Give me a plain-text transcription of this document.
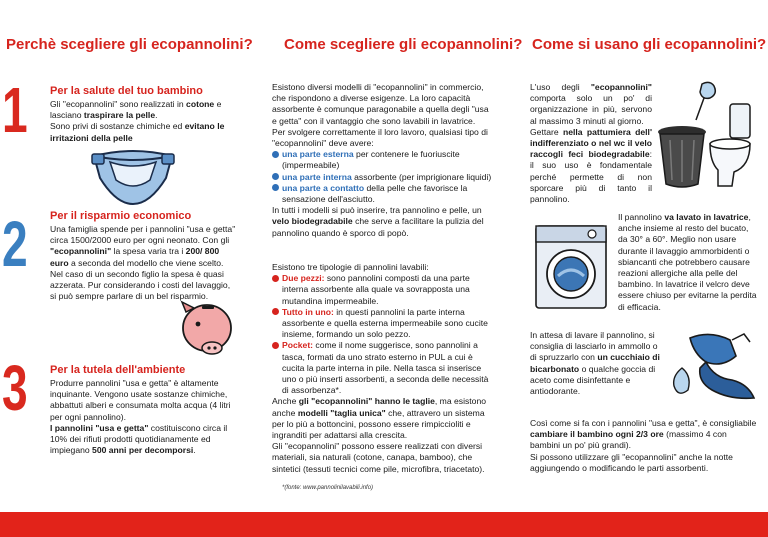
Perchè scegliere gli ecopannolini? Come scegliere gli ecopannolini? Come si usano gli ecopannolini?
1 Per la salute del tuo bambino
Gli "ecopannolini" sono realizzati in cotone e lasciano traspirare la pelle.
Sono privi di sostanze chimiche ed evitano le irritazioni della pelle
2 Per il risparmio economico
Una famiglia spende per i pannolini "usa e getta" circa 1500/2000 euro per ogni neonato. Con gli "ecopannolini" la spesa varia tra i 200/ 800 euro a seconda del modello che viene scelto. Nel caso di un secondo figlio la spesa è quasi azzerata. Pur considerando i costi del lavaggio, si può sempre parlare di un bel risparmio.
3 Per la tutela dell'ambiente
Produrre pannolini "usa e getta" è altamente inquinante. Vengono usate sostanze chimiche, abbattuti alberi e consumata molta acqua (4 litri per ogni pannolino).
I pannolini "usa e getta" costituiscono circa il 10% dei rifiuti prodotti quotidianamente ed impiegano 500 anni per decomporsi.
Esistono diversi modelli di "ecopannolini" in commercio, che rispondono a diverse esigenze. La loro capacità assorbente è comunque paragonabile a quella degli "usa e getta" con il vantaggio che sono lavabili in lavatrice.
Per svolgere correttamente il loro lavoro, qualsiasi tipo di "ecopannolini" deve avere:

una parte esterna per contenere le fuoriuscite (impermeabile)
una parte interna assorbente (per imprigionare liquidi)
una parte a contatto della pelle che favorisce la sensazione dell'asciutto.
In tutti i modelli si può inserire, tra pannolino e pelle, un velo biodegradabile che serve a facilitare la pulizia del pannolino quando è sporco di popò.
Esistono tre tipologie di pannolini lavabili:
Due pezzi: sono pannolini composti da una parte interna assorbente alla quale va sovrapposta una mutandina impermeabile.
Tutto in uno: in questi pannolini la parte interna assorbente e quella esterna impermeabile sono cucite insieme, formando un solo pezzo.
Pocket: come il nome suggerisce, sono pannolini a tasca, formati da uno strato esterno in PUL a cui è cucita la parte interna in pile. Nella tasca si inserisce uno o più inserti assorbenti, a seconda delle necessità di assorbenza*.
Anche gli "ecopannolini" hanno le taglie, ma esistono anche modelli "taglia unica" che, attravero un sistema per lo più a bottoncini, possono essere rimpiccioliti e ingranditi per adattarsi alla crescita.
Gli "ecopannolini" possono essere realizzati con diversi materiali, sia naturali (cotone, canapa, bamboo), che sintetici (tessuti tecnici come pile, microfibra, triacetato).
*(fonte: www.pannolinilavabili.info)
L'uso degli "ecopannolini" comporta solo un po' di organizzazione in più, servono al massimo 3 minuti al giorno.
Gettare nella pattumiera dell' indifferenziato o nel wc il velo raccogli feci biodegradabile: il suo uso è fondamentale perché permette di non sporcare più di tanto il pannolino.
Il pannolino va lavato in lavatrice, anche insieme al resto del bucato, da 30° a 60°. Meglio non usare durante il lavaggio ammorbidenti o sbiancanti che potrebbero causare reazioni allergiche alla pelle del bambino. In lavatrice il velcro deve essere chiuso per evitarne la perdita di efficacia.
In attesa di lavare il pannolino, si consiglia di lasciarlo in ammollo o di spruzzarlo con un cucchiaio di bicarbonato o qualche goccia di aceto come disinfettante e antiodorante.
Così come si fa con i pannolini "usa e getta", è consigliabile cambiare il bambino ogni 2/3 ore (massimo 4 con bambini un po' più grandi).
Si possono utilizzare gli "ecopannolini" anche la notte aggiungendo o modificando le parti assorbenti.
